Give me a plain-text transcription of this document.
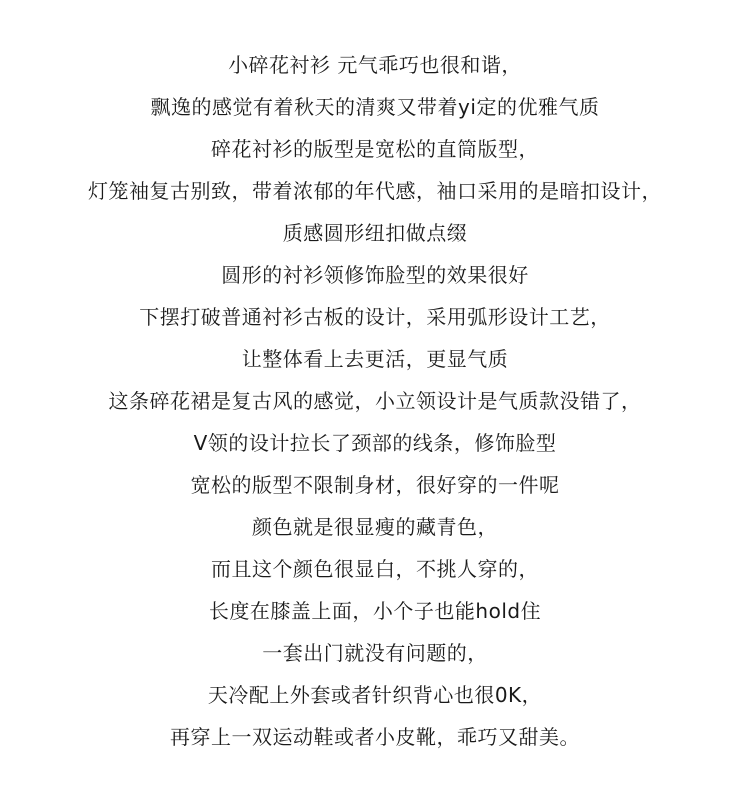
小碎花衬衫 元气乖巧也很和谐，
飘逸的感觉有着秋天的清爽又带着yi定的优雅气质
碎花衬衫的版型是宽松的直筒版型，
灯笼袖复古别致，带着浓郁的年代感，袖口采用的是暗扣设计，
质感圆形纽扣做点缀
圆形的衬衫领修饰脸型的效果很好
下摆打破普通衬衫古板的设计，采用弧形设计工艺，
让整体看上去更活，更显气质
这条碎花裙是复古风的感觉，小立领设计是气质款没错了，
V领的设计拉长了颈部的线条，修饰脸型
宽松的版型不限制身材，很好穿的一件呢
颜色就是很显瘦的藏青色，
而且这个颜色很显白，不挑人穿的，
长度在膝盖上面，小个子也能hold住
一套出门就没有问题的，
天冷配上外套或者针织背心也很0K，
再穿上一双运动鞋或者小皮靴，乖巧又甜美。
